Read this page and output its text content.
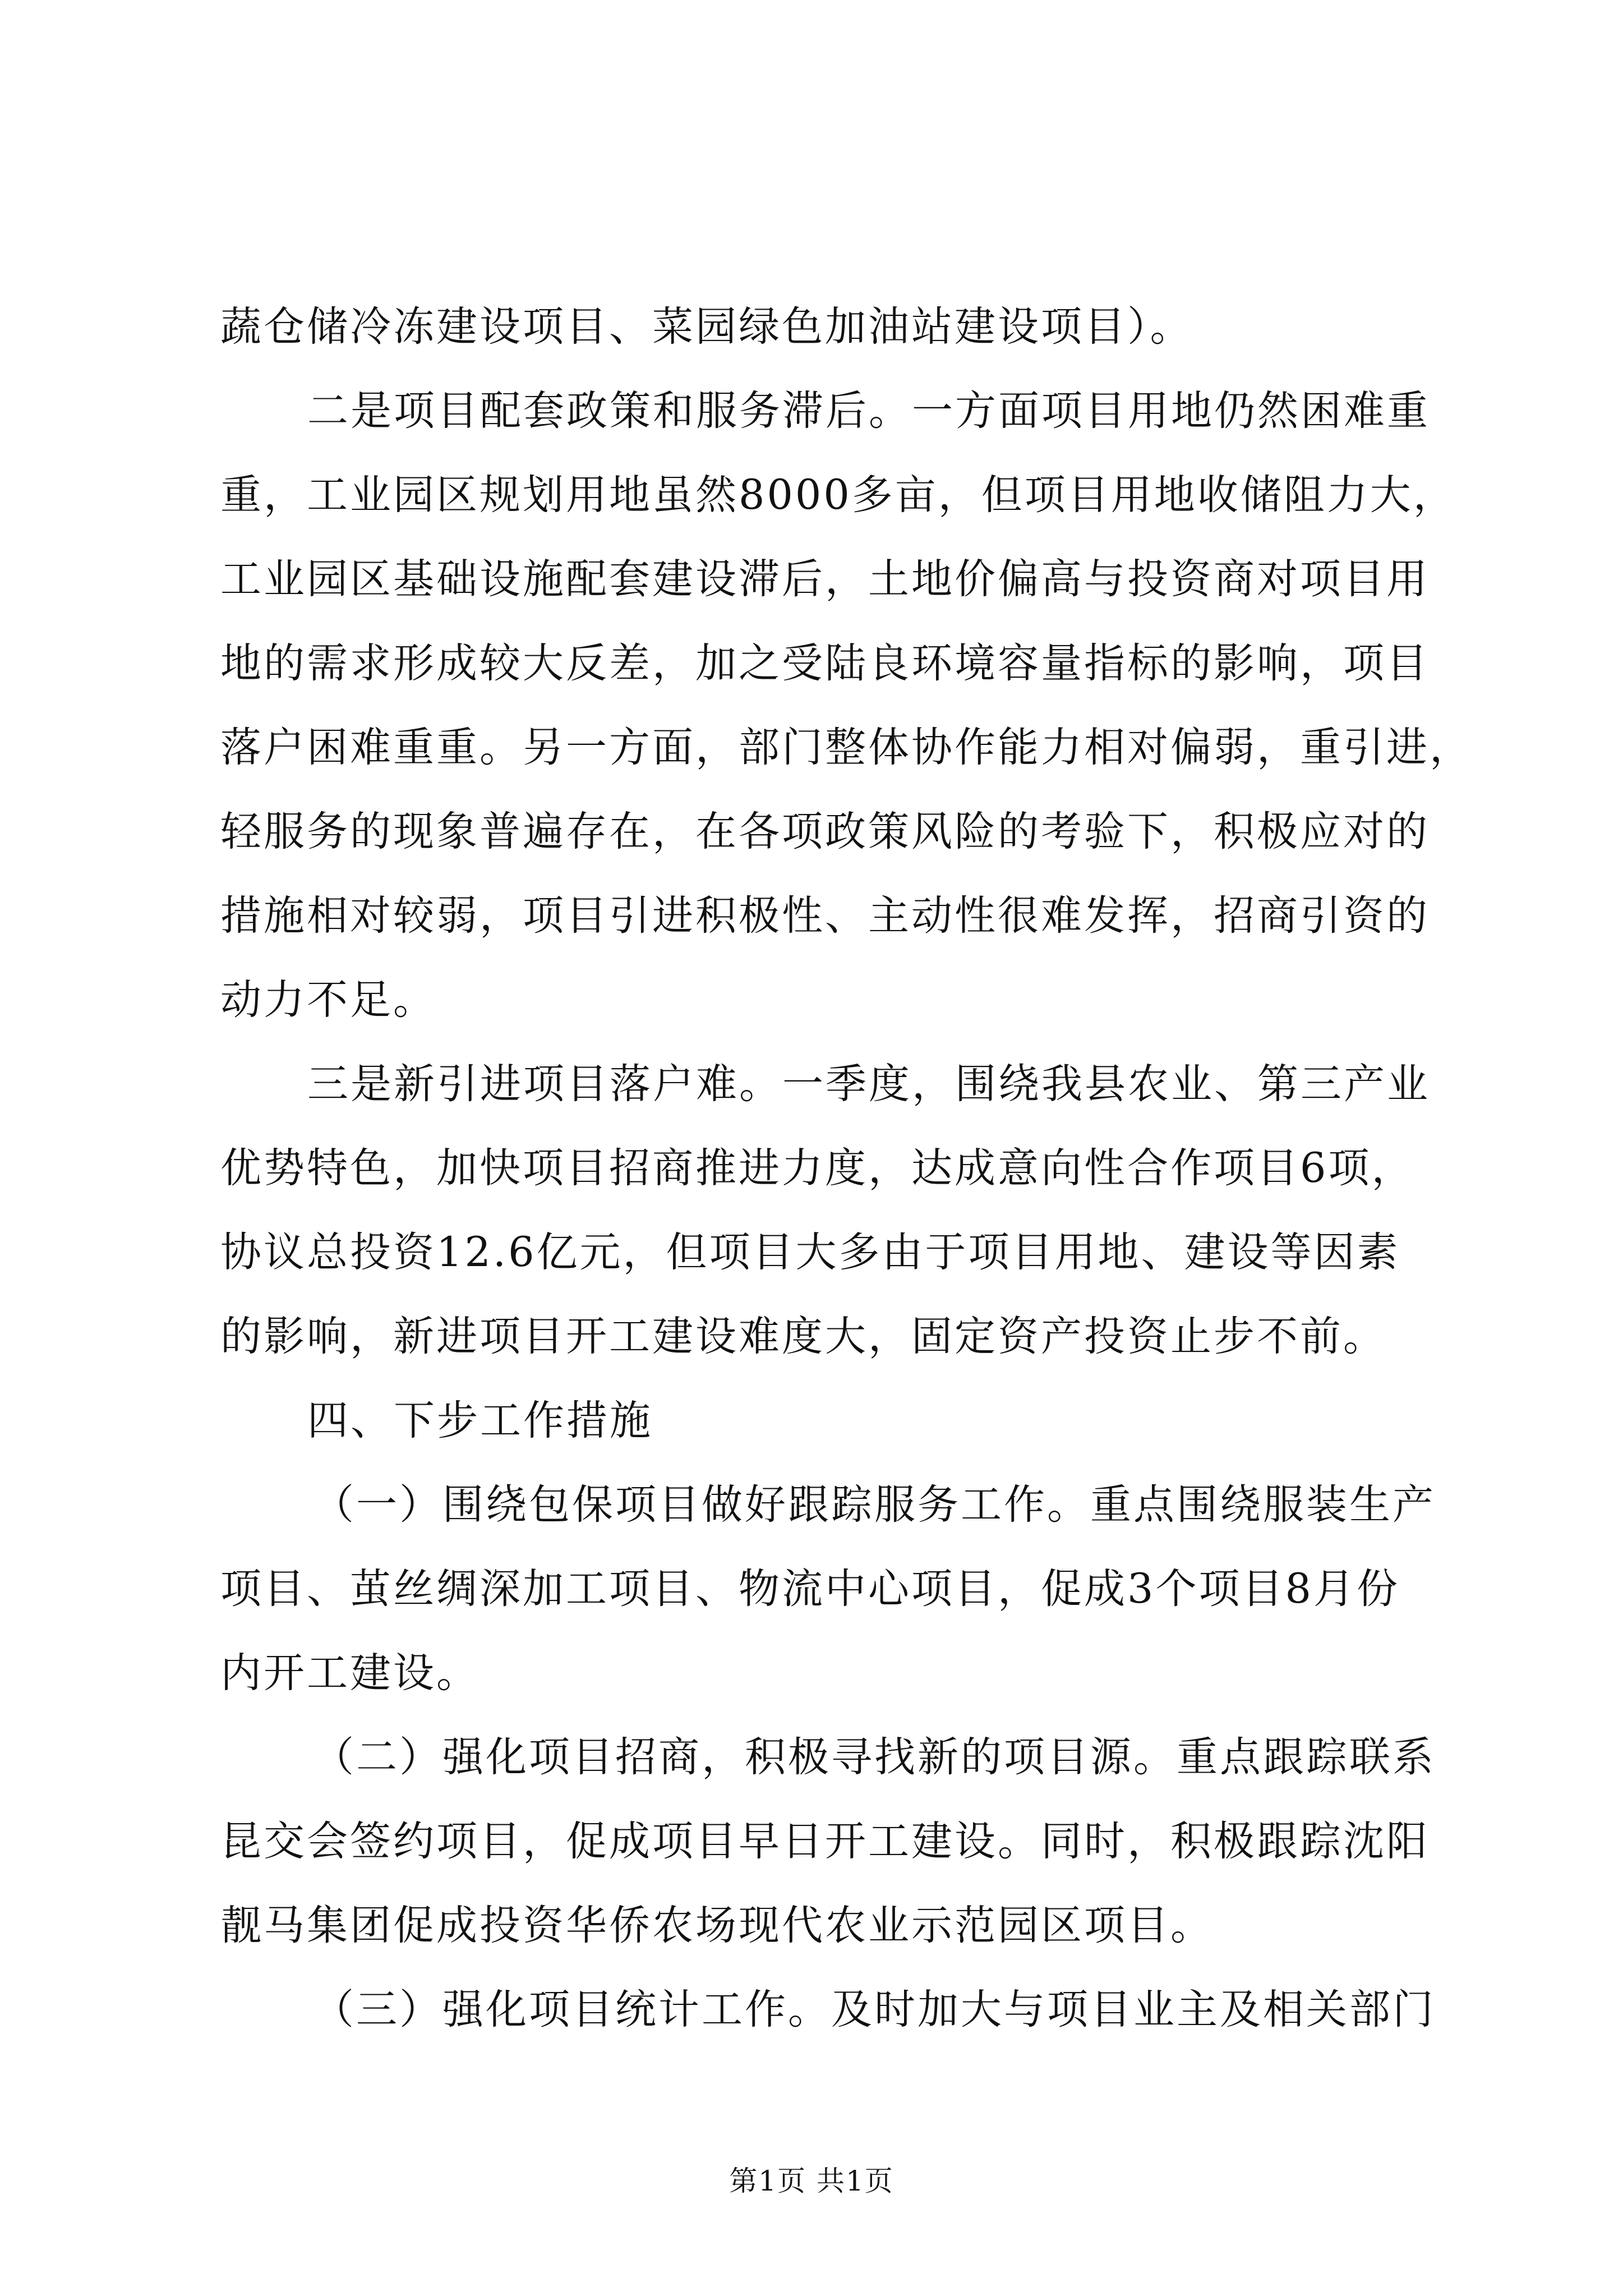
蔬仓储冷冻建设项目、菜园绿色加油站建设项目）。
二是项目配套政策和服务滞后。一方面项目用地仍然困难重
重，工业园区规划用地虽然8000多亩，但项目用地收储阻力大，
工业园区基础设施配套建设滞后，土地价偏高与投资商对项目用
地的需求形成较大反差，加之受陆良环境容量指标的影响，项目
落户困难重重。另一方面，部门整体协作能力相对偏弱，重引进，
轻服务的现象普遍存在，在各项政策风险的考验下，积极应对的
措施相对较弱，项目引进积极性、主动性很难发挥，招商引资的
动力不足。
三是新引进项目落户难。一季度，围绕我县农业、第三产业
优势特色，加快项目招商推进力度，达成意向性合作项目6项，
协议总投资12.6亿元，但项目大多由于项目用地、建设等因素
的影响，新进项目开工建设难度大，固定资产投资止步不前。
四、下步工作措施
（一）围绕包保项目做好跟踪服务工作。重点围绕服装生产
项目、茧丝绸深加工项目、物流中心项目，促成3个项目8月份
内开工建设。
（二）强化项目招商，积极寻找新的项目源。重点跟踪联系
昆交会签约项目，促成项目早日开工建设。同时，积极跟踪沈阳
靓马集团促成投资华侨农场现代农业示范园区项目。
（三）强化项目统计工作。及时加大与项目业主及相关部门
第1页 共1页
